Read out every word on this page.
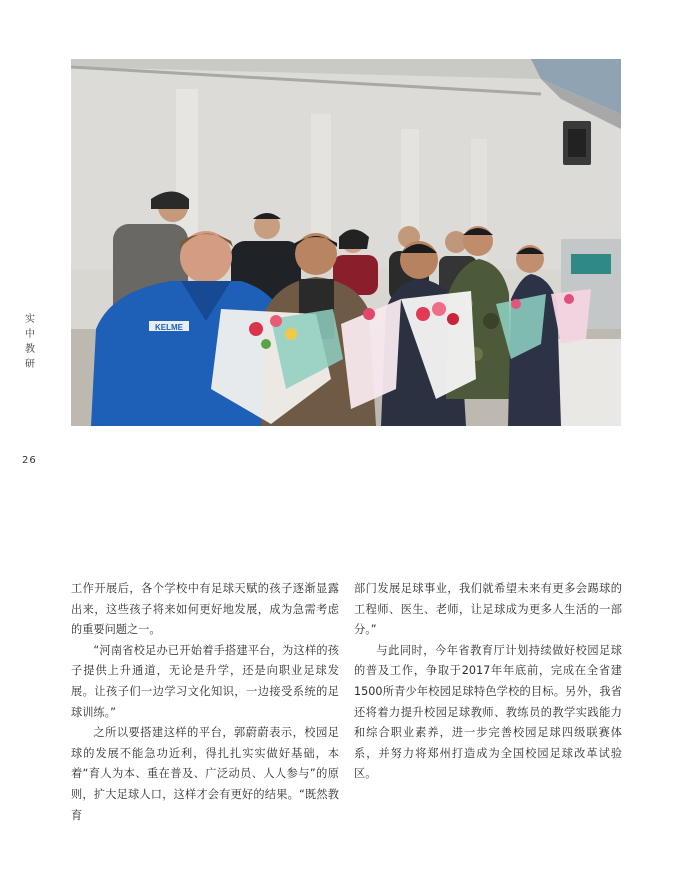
实
中
教
研
26
KELME

工作开展后，各个学校中有足球天赋的孩子逐渐显露出来，这些孩子将来如何更好地发展，成为急需考虑的重要问题之一。

“河南省校足办已开始着手搭建平台，为这样的孩子提供上升通道，无论是升学，还是向职业足球发展。让孩子们一边学习文化知识，一边接受系统的足球训练。”

之所以要搭建这样的平台，郭蔚蔚表示，校园足球的发展不能急功近利，得扎扎实实做好基础，本着“育人为本、重在普及、广泛动员、人人参与”的原则，扩大足球人口，这样才会有更好的结果。“既然教育

部门发展足球事业，我们就希望未来有更多会踢球的工程师、医生、老师，让足球成为更多人生活的一部分。”

与此同时，今年省教育厅计划持续做好校园足球的普及工作，争取于2017年年底前，完成在全省建1500所青少年校园足球特色学校的目标。另外，我省还将着力提升校园足球教师、教练员的教学实践能力和综合职业素养，进一步完善校园足球四级联赛体系，并努力将郑州打造成为全国校园足球改革试验区。
